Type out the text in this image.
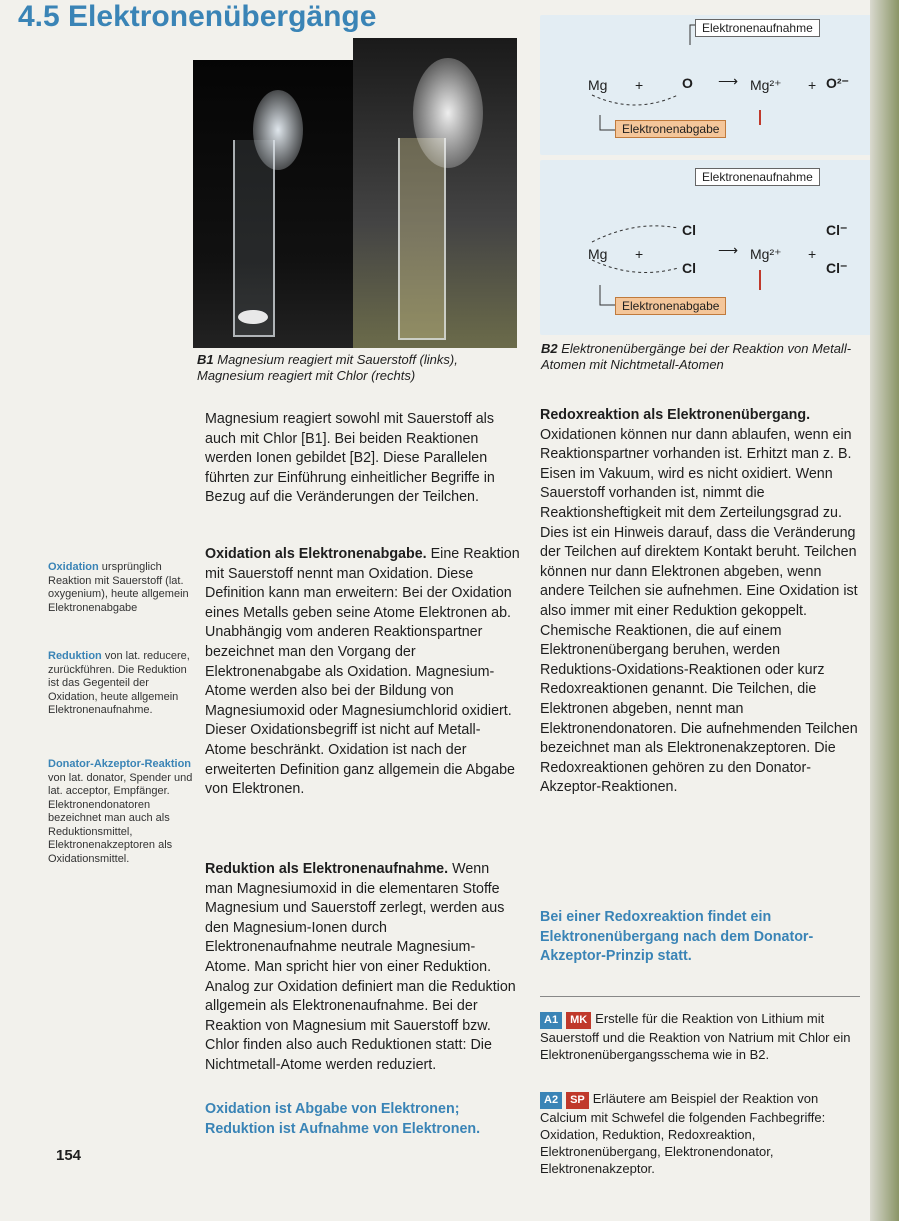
4.5 Elektronenübergänge
B1 Magnesium reagiert mit Sauerstoff (links), Magnesium reagiert mit Chlor (rechts)
Elektronenaufnahme
Mg +	O ⟶ Mg²⁺ + O²⁻
Elektronenabgabe
Elektronenaufnahme
Mg +
Cl
Cl
⟶ Mg²⁺ +
Cl⁻
Cl⁻
Elektronenabgabe
B2 Elektronenübergänge bei der Reaktion von Metall-Atomen mit Nichtmetall-Atomen
Oxidation ursprünglich Reaktion mit Sauerstoff (lat. oxygenium), heute allgemein Elektronenabgabe
Reduktion von lat. reducere, zurückführen. Die Reduktion ist das Gegenteil der Oxidation, heute allgemein Elektronenaufnahme.
Donator-Akzeptor-Reaktion von lat. donator, Spender und lat. acceptor, Empfänger. Elektronendonatoren bezeichnet man auch als Reduktionsmittel, Elektronenakzeptoren als Oxidationsmittel.
Magnesium reagiert sowohl mit Sauerstoff als auch mit Chlor [B1]. Bei beiden Reaktionen werden Ionen gebildet [B2]. Diese Parallelen führten zur Einführung einheitlicher Begriffe in Bezug auf die Veränderungen der Teilchen.
Oxidation als Elektronenabgabe. Eine Reaktion mit Sauerstoff nennt man Oxidation. Diese Definition kann man erweitern: Bei der Oxidation eines Metalls geben seine Atome Elektronen ab. Unabhängig vom anderen Reaktionspartner bezeichnet man den Vorgang der Elektronenabgabe als Oxidation. Magnesium-Atome werden also bei der Bildung von Magnesiumoxid oder Magnesiumchlorid oxidiert. Dieser Oxidationsbegriff ist nicht auf Metall-Atome beschränkt. Oxidation ist nach der erweiterten Definition ganz allgemein die Abgabe von Elektronen.
Reduktion als Elektronenaufnahme. Wenn man Magnesiumoxid in die elementaren Stoffe Magnesium und Sauerstoff zerlegt, werden aus den Magnesium-Ionen durch Elektronenaufnahme neutrale Magnesium-Atome. Man spricht hier von einer Reduktion. Analog zur Oxidation definiert man die Reduktion allgemein als Elektronenaufnahme. Bei der Reaktion von Magnesium mit Sauerstoff bzw. Chlor finden also auch Reduktionen statt: Die Nichtmetall-Atome werden reduziert.
Oxidation ist Abgabe von Elektronen; Reduktion ist Aufnahme von Elektronen.
Redoxreaktion als Elektronenübergang.
Oxidationen können nur dann ablaufen, wenn ein Reaktionspartner vorhanden ist. Erhitzt man z. B. Eisen im Vakuum, wird es nicht oxidiert. Wenn Sauerstoff vorhanden ist, nimmt die Reaktionsheftigkeit mit dem Zerteilungsgrad zu. Dies ist ein Hinweis darauf, dass die Veränderung der Teilchen auf direktem Kontakt beruht. Teilchen können nur dann Elektronen abgeben, wenn andere Teilchen sie aufnehmen. Eine Oxidation ist also immer mit einer Reduktion gekoppelt. Chemische Reaktionen, die auf einem Elektronenübergang beruhen, werden Reduktions-Oxidations-Reaktionen oder kurz Redoxreaktionen genannt. Die Teilchen, die Elektronen abgeben, nennt man Elektronendonatoren. Die aufnehmenden Teilchen bezeichnet man als Elektronenakzeptoren. Die Redoxreaktionen gehören zu den Donator-Akzeptor-Reaktionen.
Bei einer Redoxreaktion findet ein Elektronenübergang nach dem Donator-Akzeptor-Prinzip statt.
A1 MK Erstelle für die Reaktion von Lithium mit Sauerstoff und die Reaktion von Natrium mit Chlor ein Elektronenübergangsschema wie in B2.
A2 SP Erläutere am Beispiel der Reaktion von Calcium mit Schwefel die folgenden Fachbegriffe: Oxidation, Reduktion, Redoxreaktion, Elektronenübergang, Elektronendonator, Elektronenakzeptor.
154
